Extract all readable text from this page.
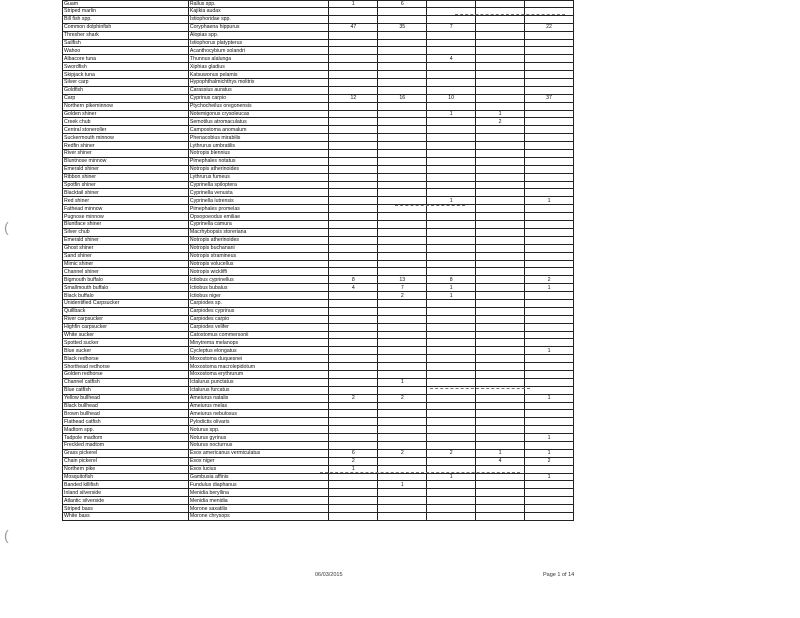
Guam	Rallus spp.	1	6			
Striped marlin	Kajikia audax					
Bill fish spp.	Istiophoridae spp.					
Common dolphinfish	Coryphaena hippurus	47	35	7		22
Thresher shark	Alopias spp.					
Sailfish	Istiophorus platypterus					
Wahoo	Acanthocybium solandri					
Albacore tuna	Thunnus alalunga			4		
Swordfish	Xiphias gladius					
Skipjack tuna	Katsuwonus pelamis					
Silver carp	Hypophthalmichthys molitrix					
Goldfish	Carassius auratus					
Carp	Cyprinus carpio	12	16	10		37
Northern pikeminnow	Ptychocheilus oregonensis					
Golden shiner	Notemigonus crysoleucas			1	1	
Creek chub	Semotilus atromaculatus				2	
Central stoneroller	Campostoma anomalum					
Suckermouth minnow	Phenacobius mirabilis					
Redfin shiner	Lythrurus umbratilis					
River shiner	Notropis blennius					
Bluntnose minnow	Pimephales notatus					
Emerald shiner	Notropis atherinoides					
Ribbon shiner	Lythrurus fumeus					
Spotfin shiner	Cyprinella spiloptera					
Blacktail shiner	Cyprinella venusta					
Red shiner	Cyprinella lutrensis			1		1
Fathead minnow	Pimephales promelas					
Pugnose minnow	Opsopoeodus emiliae					
Bluntface shiner	Cyprinella camura					
Silver chub	Macrhybopsis storeriana					
Emerald shiner	Notropis atherinoides					
Ghost shiner	Notropis buchanani					
Sand shiner	Notropis stramineus					
Mimic shiner	Notropis volucellus					
Channel shiner	Notropis wickliffi					
Bigmouth buffalo	Ictiobus cyprinellus	8	13	8		2
Smallmouth buffalo	Ictiobus bubalus	4	7	1		1
Black buffalo	Ictiobus niger		2	1		
Unidentified Carpsucker	Carpiodes sp.					
Quillback	Carpiodes cyprinus					
River carpsucker	Carpiodes carpio					
Highfin carpsucker	Carpiodes velifer					
White sucker	Catostomus commersonii					
Spotted sucker	Minytrema melanops					
Blue sucker	Cycleptus elongatus					1
Black redhorse	Moxostoma duquesnei					
Shorthead redhorse	Moxostoma macrolepidotum					
Golden redhorse	Moxostoma erythrurum					
Channel catfish	Ictalurus punctatus		1			
Blue catfish	Ictalurus furcatus					
Yellow bullhead	Ameiurus natalis	2	2			1
Black bullhead	Ameiurus melas					
Brown bullhead	Ameiurus nebulosus					
Flathead catfish	Pylodictis olivaris					
Madtom spp.	Noturus spp.					
Tadpole madtom	Noturus gyrinus					1
Freckled madtom	Noturus nocturnus					
Grass pickerel	Esox americanus vermiculatus	6	2	2	1	1
Chain pickerel	Esox niger	2			4	2
Northern pike	Esox lucius	1				
Mosquitofish	Gambusia affinis			1		1
Banded killifish	Fundulus diaphanus		1			
Inland silverside	Menidia beryllina					
Atlantic silverside	Menidia menidia					
Striped bass	Morone saxatilis					
White bass	Morone chrysops					
(
(
06/03/2015	Page 1 of 14
